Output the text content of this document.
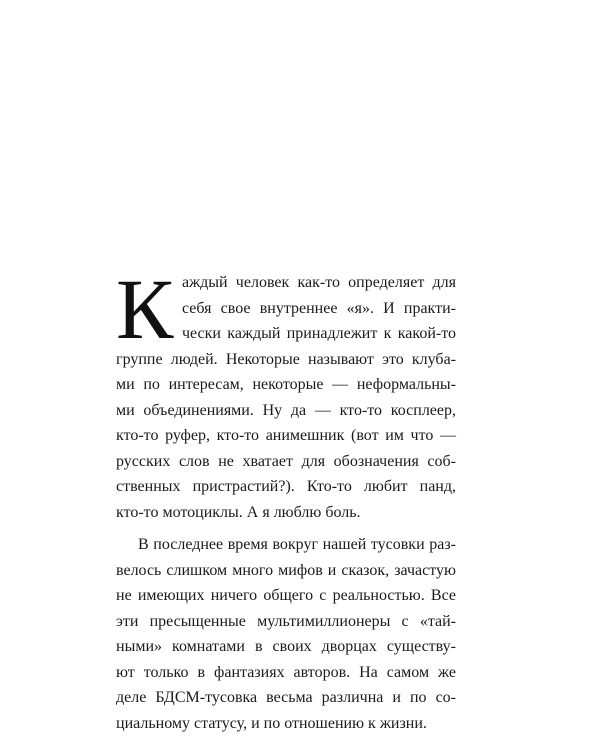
К аждый человек как-то определяет для
себя свое внутреннее «я». И практи-
чески каждый принадлежит к какой-то
группе людей. Некоторые называют это клуба-
ми по интересам, некоторые — неформальны-
ми объединениями. Ну да — кто-то косплеер,
кто-то руфер, кто-то анимешник (вот им что —
русских слов не хватает для обозначения соб-
ственных пристрастий?). Кто-то любит панд,
кто-то мотоциклы. А я люблю боль.
В последнее время вокруг нашей тусовки раз-
велось слишком много мифов и сказок, зачастую
не имеющих ничего общего с реальностью. Все
эти пресыщенные мультимиллионеры с «тай-
ными» комнатами в своих дворцах существу-
ют только в фантазиях авторов. На самом же
деле БДСМ-тусовка весьма различна и по со-
циальному статусу, и по отношению к жизни.
